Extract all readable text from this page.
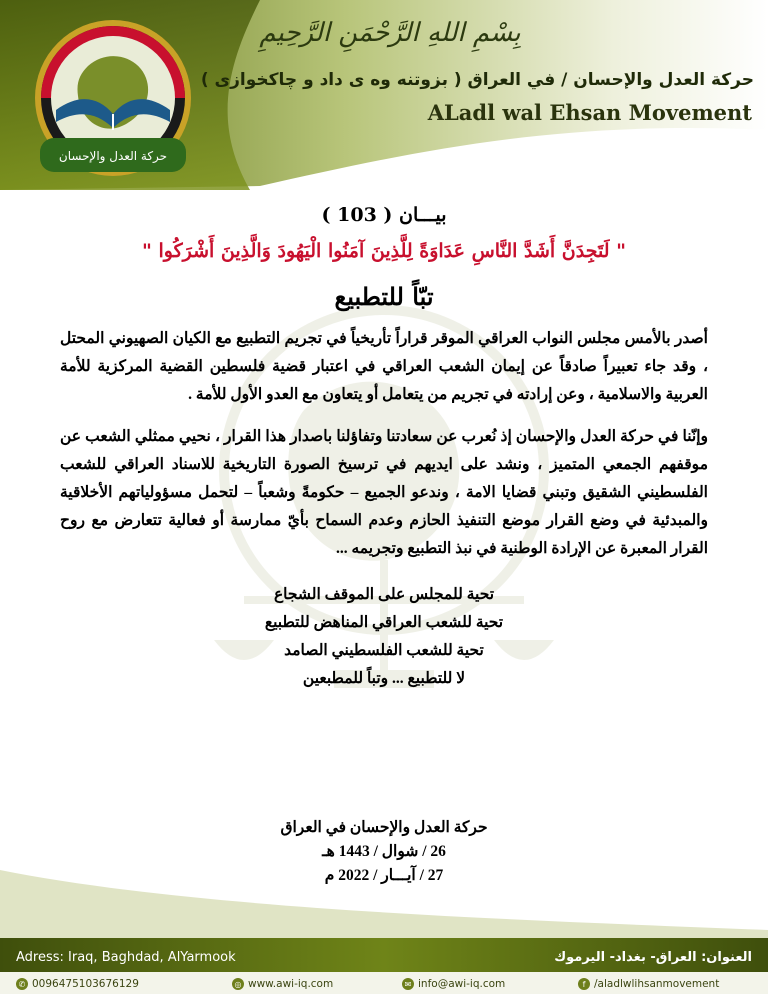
حركة العدل والإحسان
بِسْمِ اللهِ الرَّحْمَنِ الرَّحِيمِ
حركة العدل والإحسان / في العراق ( بزوتنه وه ى داد و چاكخوازى )
ALadl wal Ehsan Movement
بيـــان ( 103 )
" لَتَجِدَنَّ أَشَدَّ النَّاسِ عَدَاوَةً لِلَّذِينَ آمَنُوا الْيَهُودَ وَالَّذِينَ أَشْرَكُوا "
تبّاً للتطبيع

أصدر بالأمس مجلس النواب العراقي الموقر قراراً تأريخياً في تجريم التطبيع مع الكيان الصهيوني المحتل ، وقد جاء تعبيراً صادقاً عن إيمان الشعب العراقي في اعتبار قضية فلسطين القضية المركزية للأمة العربية والاسلامية ، وعن إرادته في تجريم من يتعامل أو يتعاون مع العدو الأول للأمة .

وإنّنا في حركة العدل والإحسان إذ نُعرب عن سعادتنا وتفاؤلنا باصدار هذا القرار ، نحيي ممثلي الشعب عن موقفهم الجمعي المتميز ، ونشد على ايديهم في ترسيخ الصورة التاريخية للاسناد العراقي للشعب الفلسطيني الشقيق وتبني قضايا الامة ، وندعو الجميع – حكومةً وشعباً – لتحمل مسؤولياتهم الأخلاقية والمبدئية في وضع القرار موضع التنفيذ الحازم وعدم السماح بأيّ ممارسة أو فعالية تتعارض مع روح القرار المعبرة عن الإرادة الوطنية في نبذ التطبيع وتجريمه ...

تحية للمجلس على الموقف الشجاع
تحية للشعب العراقي المناهض للتطبيع
تحية للشعب الفلسطيني الصامد
لا للتطبيع ... وتباً للمطبعين
حركة العدل والإحسان في العراق
26 / شوال / 1443 هـ
27 / آيـــار / 2022 م
Adress: Iraq, Baghdad, AlYarmook	العنوان: العراق- بغداد- اليرموك
✆ 009647510367612​9	◎ www.awi-iq.com	✉ info@awi-iq.com	f /aladlwlihsanmovement
